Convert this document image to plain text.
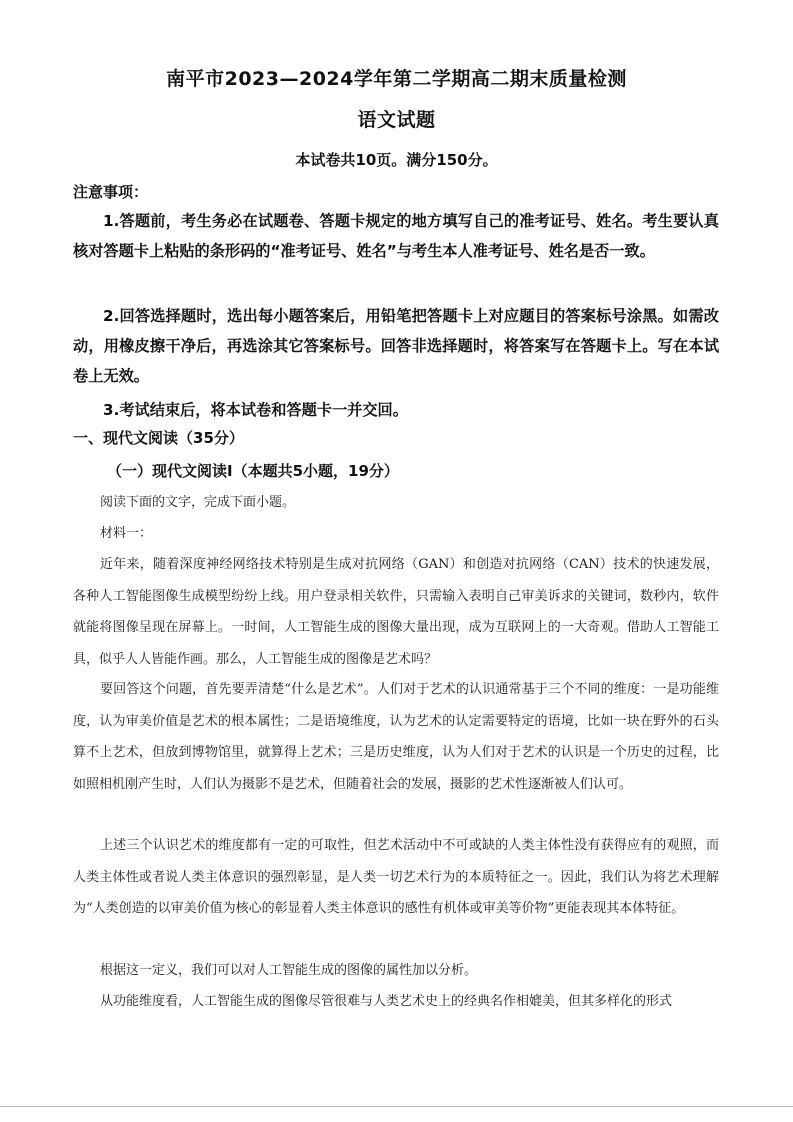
南平市2023—2024学年第二学期高二期末质量检测
语文试题
本试卷共10页。满分150分。
注意事项：
1.答题前，考生务必在试题卷、答题卡规定的地方填写自己的准考证号、姓名。考生要认真核对答题卡上粘贴的条形码的“准考证号、姓名”与考生本人准考证号、姓名是否一致。
2.回答选择题时，选出每小题答案后，用铅笔把答题卡上对应题目的答案标号涂黑。如需改动，用橡皮擦干净后，再选涂其它答案标号。回答非选择题时，将答案写在答题卡上。写在本试卷上无效。
3.考试结束后，将本试卷和答题卡一并交回。
一、现代文阅读（35分）
（一）现代文阅读Ⅰ（本题共5小题，19分）
阅读下面的文字，完成下面小题。
材料一：
近年来，随着深度神经网络技术特别是生成对抗网络（GAN）和创造对抗网络（CAN）技术的快速发展，各种人工智能图像生成模型纷纷上线。用户登录相关软件，只需输入表明自己审美诉求的关键词，数秒内，软件就能将图像呈现在屏幕上。一时间，人工智能生成的图像大量出现，成为互联网上的一大奇观。借助人工智能工具，似乎人人皆能作画。那么，人工智能生成的图像是艺术吗？
要回答这个问题，首先要弄清楚“什么是艺术”。人们对于艺术的认识通常基于三个不同的维度：一是功能维度，认为审美价值是艺术的根本属性；二是语境维度，认为艺术的认定需要特定的语境，比如一块在野外的石头算不上艺术，但放到博物馆里，就算得上艺术；三是历史维度，认为人们对于艺术的认识是一个历史的过程，比如照相机刚产生时，人们认为摄影不是艺术，但随着社会的发展，摄影的艺术性逐渐被人们认可。
上述三个认识艺术的维度都有一定的可取性，但艺术活动中不可或缺的人类主体性没有获得应有的观照，而人类主体性或者说人类主体意识的强烈彰显，是人类一切艺术行为的本质特征之一。因此，我们认为将艺术理解为“人类创造的以审美价值为核心的彰显着人类主体意识的感性有机体或审美等价物”更能表现其本体特征。
根据这一定义，我们可以对人工智能生成的图像的属性加以分析。
从功能维度看，人工智能生成的图像尽管很难与人类艺术史上的经典名作相媲美，但其多样化的形式
